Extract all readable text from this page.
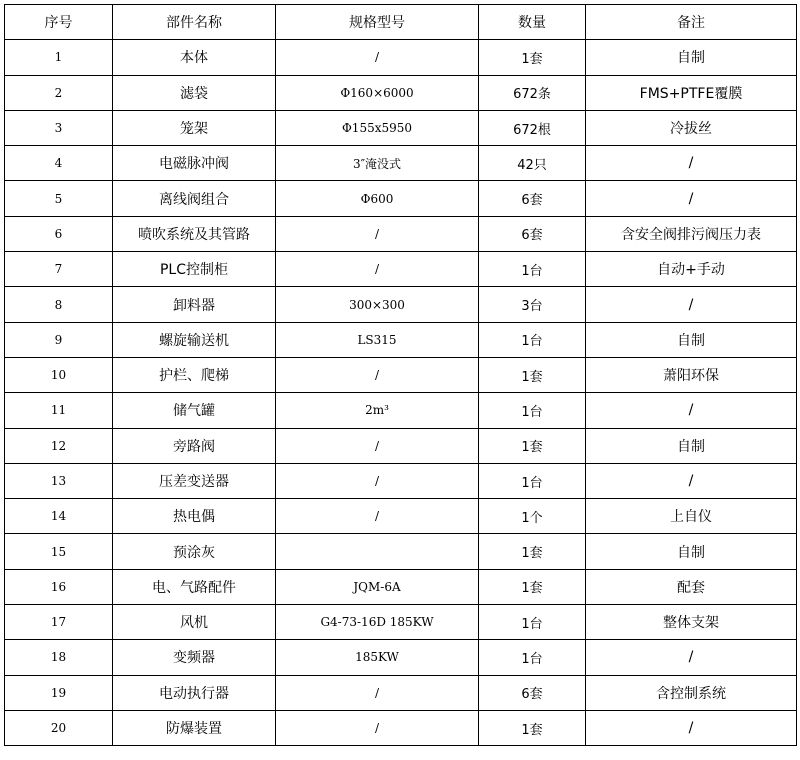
序号	部件名称	规格型号	数量	备注
1	本体	/	1套	自制
2	滤袋	Φ160×6000	672条	FMS+PTFE覆膜
3	笼架	Φ155x5950	672根	冷拔丝
4	电磁脉冲阀	3″淹没式	42只	/
5	离线阀组合	Φ600	6套	/
6	喷吹系统及其管路	/	6套	含安全阀排污阀压力表
7	PLC控制柜	/	1台	自动+手动
8	卸料器	300×300	3台	/
9	螺旋输送机	LS315	1台	自制
10	护栏、爬梯	/	1套	萧阳环保
11	储气罐	2m³	1台	/
12	旁路阀	/	1套	自制
13	压差变送器	/	1台	/
14	热电偶	/	1个	上自仪
15	预涂灰		1套	自制
16	电、气路配件	JQM-6A	1套	配套
17	风机	G4-73-16D 185KW	1台	整体支架
18	变频器	185KW	1台	/
19	电动执行器	/	6套	含控制系统
20	防爆装置	/	1套	/
